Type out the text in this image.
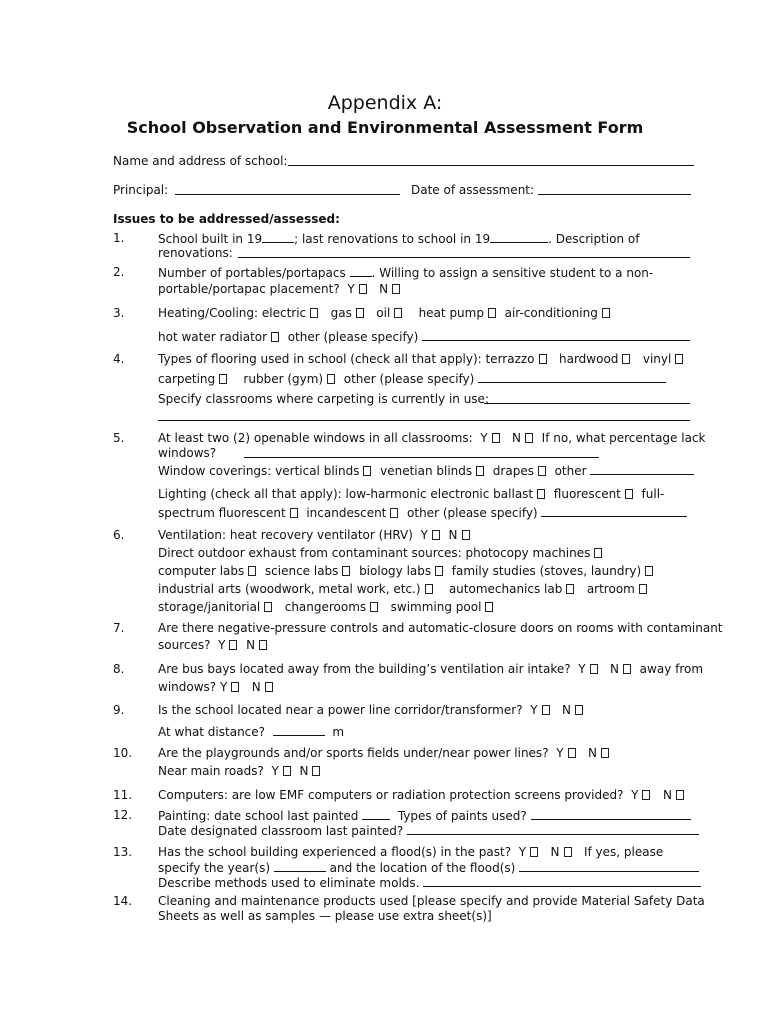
Appendix A:
School Observation and Environmental Assessment Form
Name and address of school:
Principal:	Date of assessment:
Issues to be addressed/assessed:
1.	School built in 19	; last renovations to school in 19	. Description of
renovations:
2.	Number of portables/portapacs . Willing to assign a sensitive student to a non-
portable/portapac placement? Y N
3.	Heating/Cooling: electric gas oil heat pump air-conditioning
hot water radiator other (please specify)
4.	Types of flooring used in school (check all that apply): terrazzo hardwood vinyl
carpeting rubber (gym) other (please specify)
Specify classrooms where carpeting is currently in use:
5.	At least two (2) openable windows in all classrooms: Y N If no, what percentage lack
windows?
Window coverings: vertical blinds venetian blinds drapes other
Lighting (check all that apply): low-harmonic electronic ballast fluorescent full-
spectrum fluorescent incandescent other (please specify)
6.	Ventilation: heat recovery ventilator (HRV) Y N
Direct outdoor exhaust from contaminant sources: photocopy machines
computer labs science labs biology labs family studies (stoves, laundry)
industrial arts (woodwork, metal work, etc.) automechanics lab artroom
storage/janitorial changerooms swimming pool
7.	Are there negative-pressure controls and automatic-closure doors on rooms with contaminant
sources? Y N
8.	Are bus bays located away from the building’s ventilation air intake? Y N away from
windows? Y N
9.	Is the school located near a power line corridor/transformer? Y N
At what distance?	m
10. Are the playgrounds and/or sports fields under/near power lines? Y N
Near main roads? Y N
11. Computers: are low EMF computers or radiation protection screens provided? Y N
12. Painting: date school last painted	Types of paints used?
Date designated classroom last painted?
13. Has the school building experienced a flood(s) in the past? Y N If yes, please
specify the year(s)	and the location of the flood(s)
Describe methods used to eliminate molds.
14. Cleaning and maintenance products used [please specify and provide Material Safety Data
Sheets as well as samples — please use extra sheet(s)]
